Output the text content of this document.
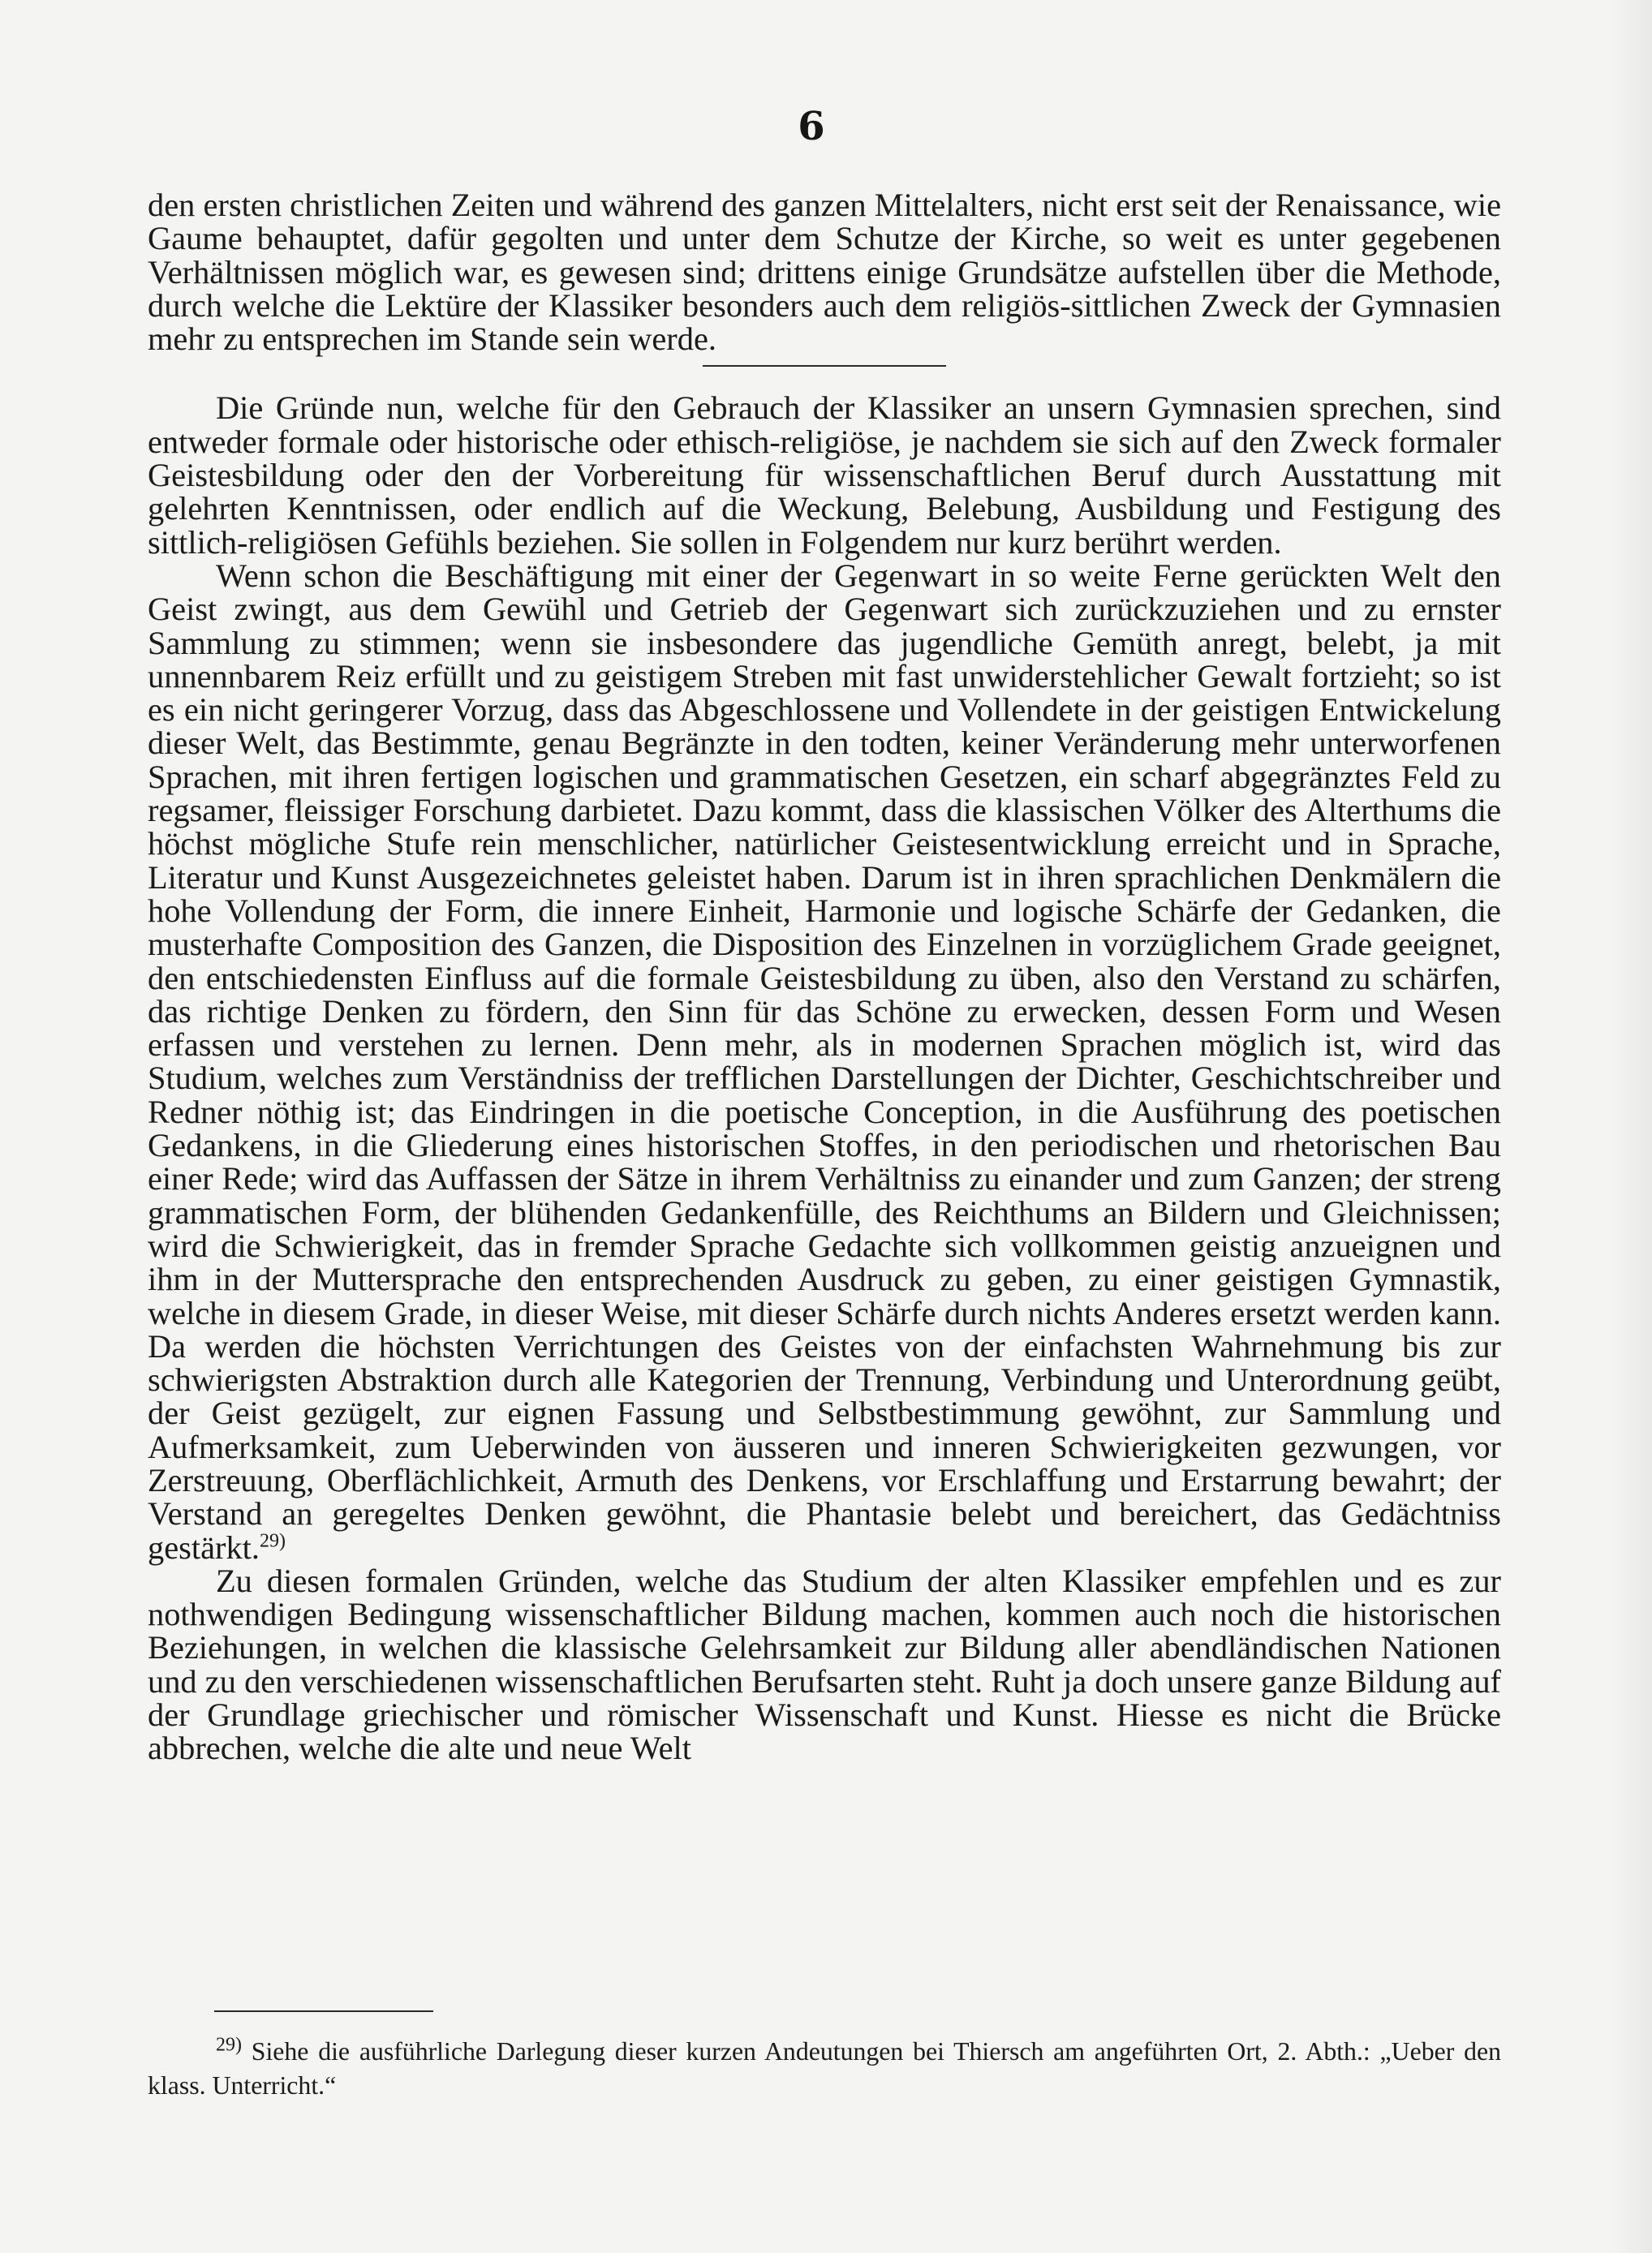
6

den ersten christlichen Zeiten und während des ganzen Mittelalters, nicht erst seit der Renaissance, wie Gaume behauptet, dafür gegolten und unter dem Schutze der Kirche, so weit es unter gegebenen Verhältnissen möglich war, es gewesen sind; drittens einige Grundsätze aufstellen über die Methode, durch welche die Lektüre der Klassiker besonders auch dem religiös-sittlichen Zweck der Gymnasien mehr zu entsprechen im Stande sein werde.

Die Gründe nun, welche für den Gebrauch der Klassiker an unsern Gymnasien sprechen, sind entweder formale oder historische oder ethisch-religiöse, je nachdem sie sich auf den Zweck formaler Geistesbildung oder den der Vorbereitung für wissenschaftlichen Beruf durch Ausstattung mit gelehrten Kenntnissen, oder endlich auf die Weckung, Belebung, Ausbildung und Festigung des sittlich-religiösen Gefühls beziehen. Sie sollen in Folgendem nur kurz berührt werden.

Wenn schon die Beschäftigung mit einer der Gegenwart in so weite Ferne gerückten Welt den Geist zwingt, aus dem Gewühl und Getrieb der Gegenwart sich zurückzuziehen und zu ernster Sammlung zu stimmen; wenn sie insbesondere das jugendliche Gemüth anregt, belebt, ja mit unnennbarem Reiz erfüllt und zu geistigem Streben mit fast unwiderstehlicher Gewalt fortzieht; so ist es ein nicht geringerer Vorzug, dass das Abgeschlossene und Vollendete in der geistigen Entwickelung dieser Welt, das Bestimmte, genau Begränzte in den todten, keiner Veränderung mehr unterworfenen Sprachen, mit ihren fertigen logischen und grammatischen Gesetzen, ein scharf abgegränztes Feld zu regsamer, fleissiger Forschung darbietet. Dazu kommt, dass die klassischen Völker des Alterthums die höchst mögliche Stufe rein menschlicher, natürlicher Geistesentwicklung erreicht und in Sprache, Literatur und Kunst Ausgezeichnetes geleistet haben. Darum ist in ihren sprachlichen Denkmälern die hohe Vollendung der Form, die innere Einheit, Harmonie und logische Schärfe der Gedanken, die musterhafte Composition des Ganzen, die Disposition des Einzelnen in vorzüglichem Grade geeignet, den entschiedensten Einfluss auf die formale Geistesbildung zu üben, also den Verstand zu schärfen, das richtige Denken zu fördern, den Sinn für das Schöne zu erwecken, dessen Form und Wesen erfassen und verstehen zu lernen. Denn mehr, als in modernen Sprachen möglich ist, wird das Studium, welches zum Verständniss der trefflichen Darstellungen der Dichter, Geschichtschreiber und Redner nöthig ist; das Eindringen in die poetische Conception, in die Ausführung des poetischen Gedankens, in die Gliederung eines historischen Stoffes, in den periodischen und rhetorischen Bau einer Rede; wird das Auffassen der Sätze in ihrem Verhältniss zu einander und zum Ganzen; der streng grammatischen Form, der blühenden Gedankenfülle, des Reichthums an Bildern und Gleichnissen; wird die Schwierigkeit, das in fremder Sprache Gedachte sich vollkommen geistig anzueignen und ihm in der Muttersprache den entsprechenden Ausdruck zu geben, zu einer geistigen Gymnastik, welche in diesem Grade, in dieser Weise, mit dieser Schärfe durch nichts Anderes ersetzt werden kann. Da werden die höchsten Verrichtungen des Geistes von der einfachsten Wahrnehmung bis zur schwierigsten Abstraktion durch alle Kategorien der Trennung, Verbindung und Unterordnung geübt, der Geist gezügelt, zur eignen Fassung und Selbstbestimmung gewöhnt, zur Sammlung und Aufmerksamkeit, zum Ueberwinden von äusseren und inneren Schwierigkeiten gezwungen, vor Zerstreuung, Oberflächlichkeit, Armuth des Denkens, vor Erschlaffung und Erstarrung bewahrt; der Verstand an geregeltes Denken gewöhnt, die Phantasie belebt und bereichert, das Gedächtniss gestärkt.$^{29)}$

Zu diesen formalen Gründen, welche das Studium der alten Klassiker empfehlen und es zur nothwendigen Bedingung wissenschaftlicher Bildung machen, kommen auch noch die historischen Beziehungen, in welchen die klassische Gelehrsamkeit zur Bildung aller abendländischen Nationen und zu den verschiedenen wissenschaftlichen Berufsarten steht. Ruht ja doch unsere ganze Bildung auf der Grundlage griechischer und römischer Wissenschaft und Kunst. Hiesse es nicht die Brücke abbrechen, welche die alte und neue Welt

$^{29)}$ Siehe die ausführliche Darlegung dieser kurzen Andeutungen bei Thiersch am angeführten Ort, 2. Abth.: „Ueber den klass. Unterricht.“
